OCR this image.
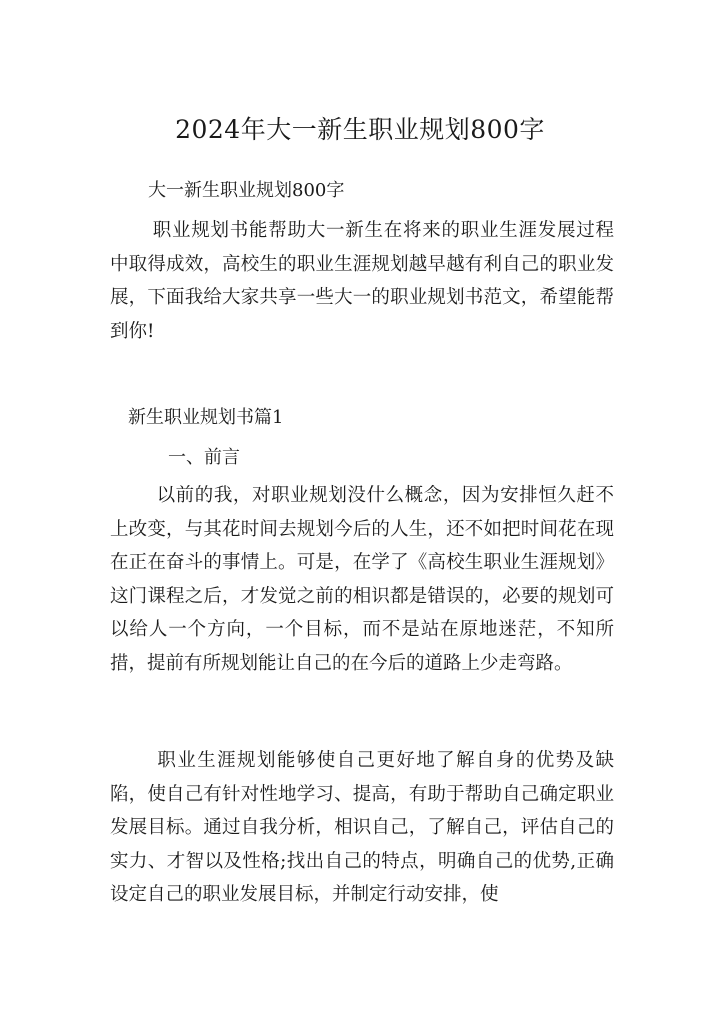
2024年大一新生职业规划800字
大一新生职业规划800字

职业规划书能帮助大一新生在将来的职业生涯发展过程中取得成效，高校生的职业生涯规划越早越有利自己的职业发展，下面我给大家共享一些大一的职业规划书范文，希望能帮到你!

新生职业规划书篇1
一、前言

以前的我，对职业规划没什么概念，因为安排恒久赶不上改变，与其花时间去规划今后的人生，还不如把时间花在现在正在奋斗的事情上。可是，在学了《高校生职业生涯规划》这门课程之后，才发觉之前的相识都是错误的，必要的规划可以给人一个方向，一个目标，而不是站在原地迷茫，不知所措，提前有所规划能让自己的在今后的道路上少走弯路。

职业生涯规划能够使自己更好地了解自身的优势及缺陷，使自己有针对性地学习、提高，有助于帮助自己确定职业发展目标。通过自我分析，相识自己，了解自己，评估自己的实力、才智以及性格;找出自己的特点，明确自己的优势,正确设定自己的职业发展目标，并制定行动安排，使
